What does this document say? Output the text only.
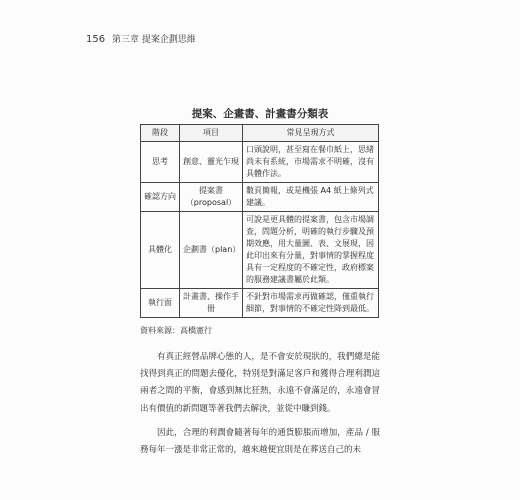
156 第三章 提案企劃思維
提案、企畫書、計畫書分類表
階段	項目	常見呈現方式
思考	創意、靈光乍現	口頭說明，甚至寫在餐巾紙上，思緒尚未有系統，市場需求不明確，沒有具體作法。
確認方向	提案書（proposal）	數頁簡報，或是機張 A4 紙上條列式建議。
具體化	企劃書（plan）	可說是更具體的提案書，包含市場調查，問題分析，明確的執行步驟及預期效應，用大量圖、表、文展現，因此印出來有分量，對事情的掌握程度具有一定程度的不確定性，政府標案的服務建議書屬於此類。
執行面	計畫書、操作手冊	不針對市場需求再做確認，僅重執行細節，對事情的不確定性降到最低。
資料來源：高橋憲行

有真正經營品牌心態的人，是不會安於現狀的，我們總是能找得到真正的問題去優化，特別是對滿足客戶和獲得合理利潤這兩者之間的平衡，會感到無比狂熱，永遠不會滿足的，永遠會冒出有價值的新問題等著我們去解決，並從中賺到錢。

因此，合理的利潤會隨著每年的通貨膨脹而增加，產品 / 服務每年一漲是非常正常的，越來越便宜則是在葬送自己的未
